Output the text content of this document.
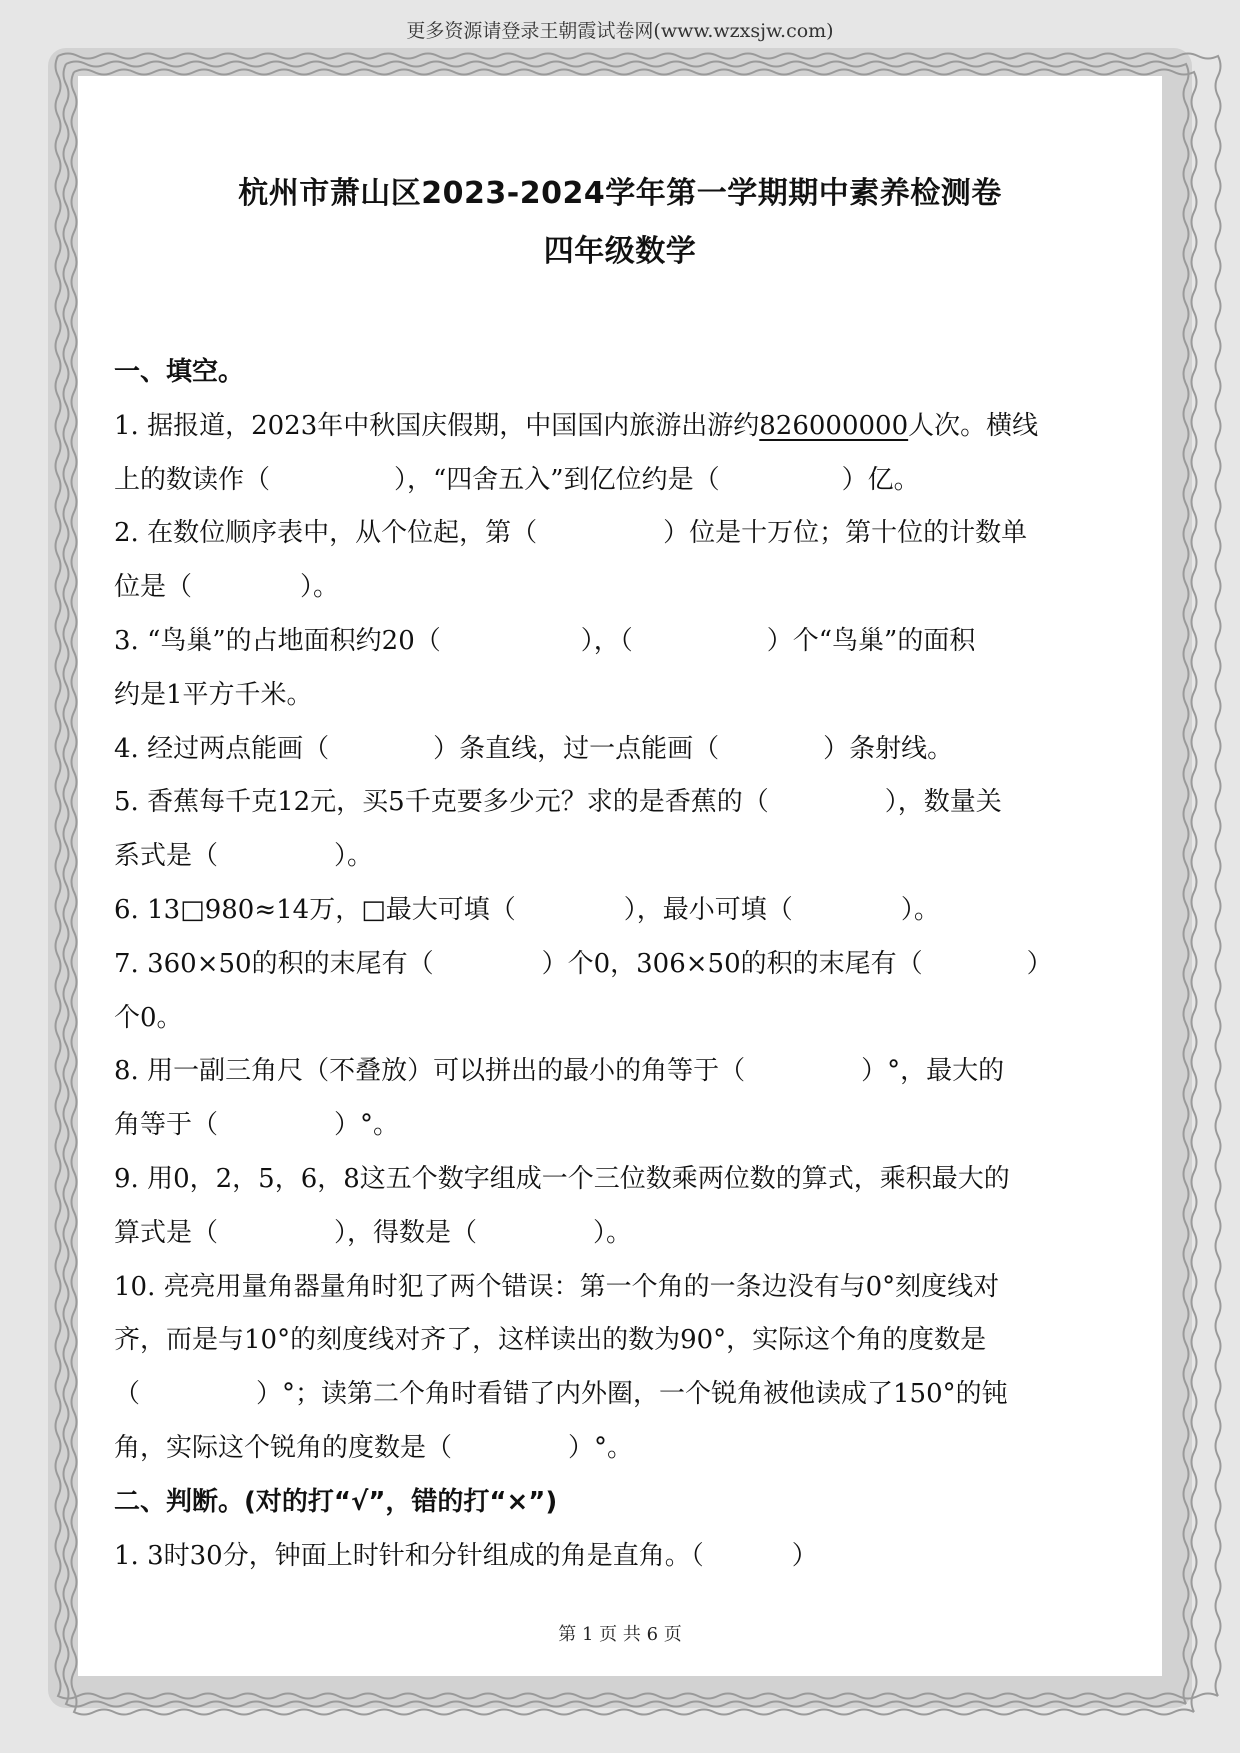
更多资源请登录王朝霞试卷网(www.wzxsjw.com)
杭州市萧山区2023-2024学年第一学期期中素养检测卷
四年级数学

一、填空。

1. 据报道，2023年中秋国庆假期，中国国内旅游出游约826000000人次。横线

上的数读作（	），“四舍五入”到亿位约是（	）亿。

2. 在数位顺序表中，从个位起，第（	）位是十万位；第十位的计数单

位是（	）。

3. “鸟巢”的占地面积约20（	），（	）个“鸟巢”的面积

约是1平方千米。

4. 经过两点能画（	）条直线，过一点能画（	）条射线。

5. 香蕉每千克12元，买5千克要多少元？求的是香蕉的（	），数量关

系式是（	）。

6. 13□980≈14万，□最大可填（	），最小可填（	）。

7. 360×50的积的末尾有（	）个0，306×50的积的末尾有（	）

个0。

8. 用一副三角尺（不叠放）可以拼出的最小的角等于（	）°，最大的

角等于（	）°。

9. 用0，2，5，6，8这五个数字组成一个三位数乘两位数的算式，乘积最大的

算式是（	），得数是（	）。

10. 亮亮用量角器量角时犯了两个错误：第一个角的一条边没有与0°刻度线对

齐，而是与10°的刻度线对齐了，这样读出的数为90°，实际这个角的度数是

（	）°；读第二个角时看错了内外圈，一个锐角被他读成了150°的钝

角，实际这个锐角的度数是（	）°。

二、判断。(对的打“√”，错的打“×”)

1. 3时30分，钟面上时针和分针组成的角是直角。（	）

第 1 页 共 6 页
